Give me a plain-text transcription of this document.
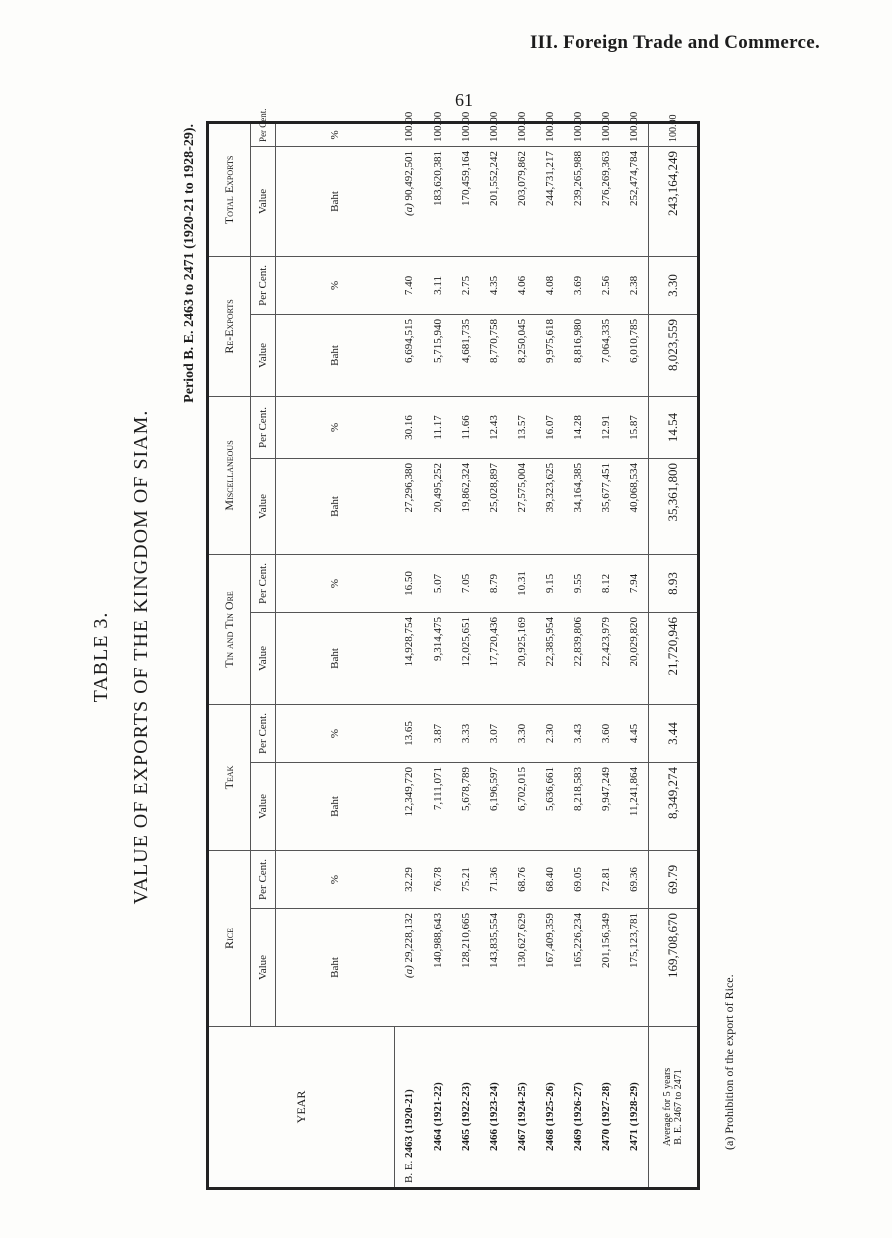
III. Foreign Trade and Commerce.
61
TABLE 3. VALUE OF EXPORTS OF THE KINGDOM OF SIAM.
Period B. E. 2463 to 2471 (1920-21 to 1928-29).
YEAR	Rice		Teak		Tin and Tin Ore		Miscellaneous		Re-Exports		Total Exports	
	Value	Per Cent.	Value	Per Cent.	Value	Per Cent.	Value	Per Cent.	Value	Per Cent.	Value	Per Cent.
	Baht	%	Baht	%	Baht	%	Baht	%	Baht	%	Baht	%
B. E. 2463 (1920-21)	(a) 29,228,132	32.29	12,349,720	13.65	14,928,754	16.50	27,296,380	30.16	6,694,515	7.40	(a) 90,492,501	100.00
2464 (1921-22)	140,988,643	76.78	7,111,071	3.87	9,314,475	5.07	20,495,252	11.17	5,715,940	3.11	183,620,381	100.00
2465 (1922-23)	128,210,665	75.21	5,678,789	3.33	12,025,651	7.05	19,862,324	11.66	4,681,735	2.75	170,459,164	100.00
2466 (1923-24)	143,835,554	71.36	6,196,597	3.07	17,720,436	8.79	25,028,897	12.43	8,770,758	4.35	201,552,242	100.00
2467 (1924-25)	130,627,629	68.76	6,702,015	3.30	20,925,169	10.31	27,575,004	13.57	8,250,045	4.06	203,079,862	100.00
2468 (1925-26)	167,409,359	68.40	5,636,661	2.30	22,385,954	9.15	39,323,625	16.07	9,975,618	4.08	244,731,217	100.00
2469 (1926-27)	165,226,234	69.05	8,218,583	3.43	22,839,806	9.55	34,164,385	14.28	8,816,980	3.69	239,265,988	100.00
2470 (1927-28)	201,156,349	72.81	9,947,249	3.60	22,423,979	8.12	35,677,451	12.91	7,064,335	2.56	276,269,363	100.00
2471 (1928-29)	175,123,781	69.36	11,241,864	4.45	20,029,820	7.94	40,068,534	15.87	6,010,785	2.38	252,474,784	100.00

Average for 5 years B. E. 2467 to 2471	169,708,670	69.79	8,349,274	3.44	21,720,946	8.93	35,361,800	14.54	8,023,559	3.30	243,164,249	100.00
(a) Prohibition of the export of Rice.
